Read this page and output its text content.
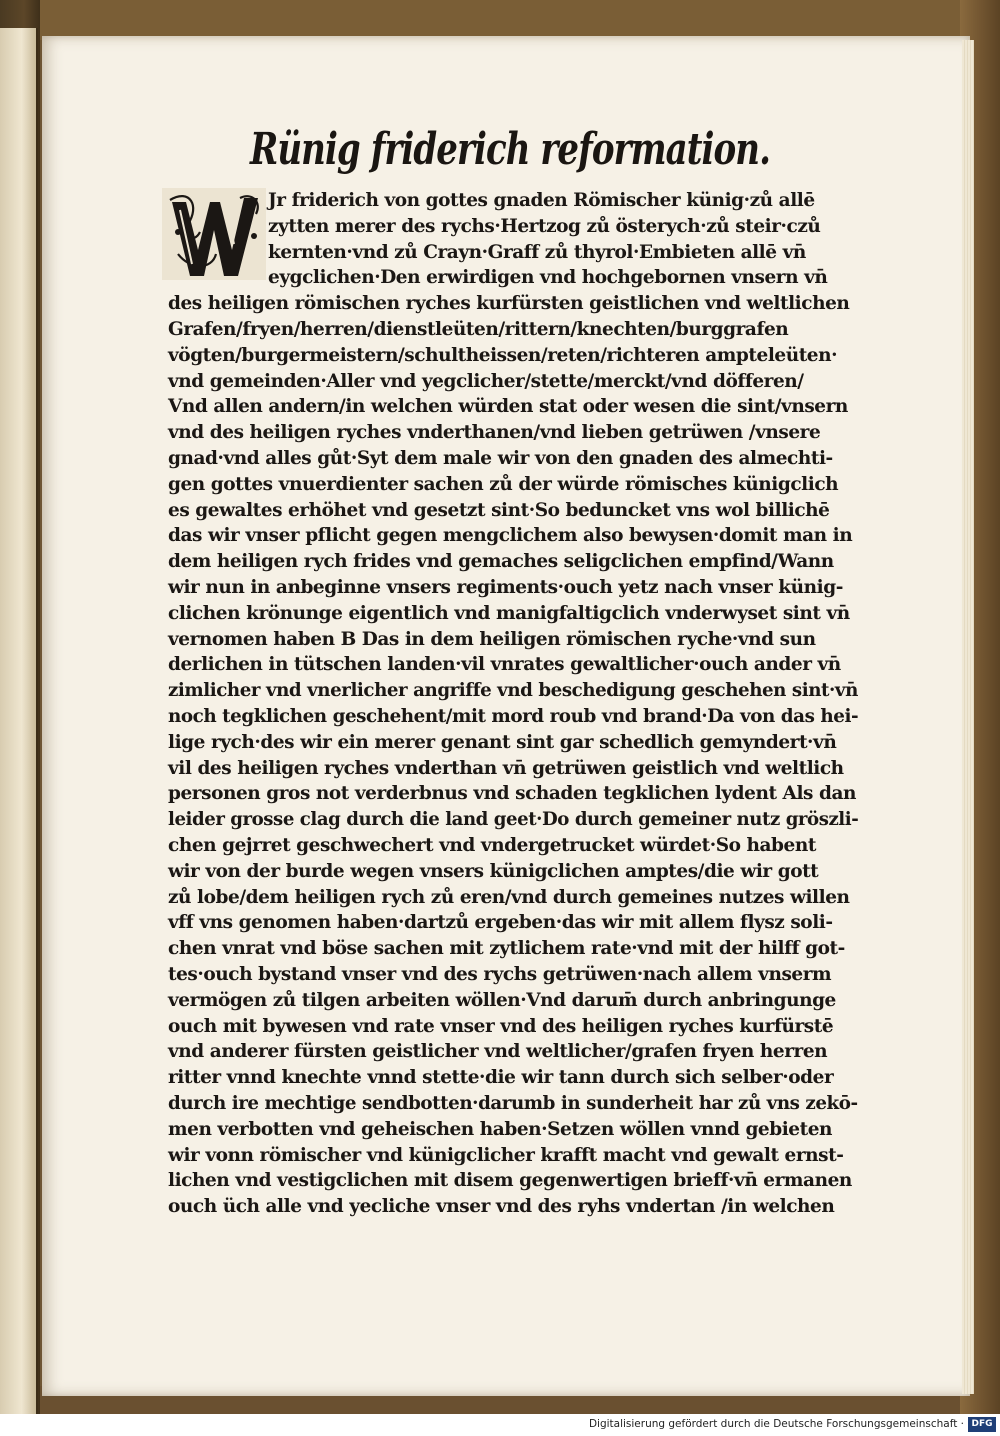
Rünig friderich reformation.
Jr friderich von gottes gnaden Römischer künig·zů allē
zytten merer des rychs·Hertzog zů österych·zů steir·czů
kernten·vnd zů Crayn·Graff zů thyrol·Embieten allē vn̄
eygclichen·Den erwirdigen vnd hochgebornen vnsern vn̄
des heiligen römischen ryches kurfürsten geistlichen vnd weltlichen
Grafen/fryen/herren/dienstleüten/rittern/knechten/burggrafen
vögten/burgermeistern/schultheissen/reten/richteren ampteleüten·
vnd gemeinden·Aller vnd yegclicher/stette/merckt/vnd döfferen/
Vnd allen andern/in welchen würden stat oder wesen die sint/vnsern
vnd des heiligen ryches vnderthanen/vnd lieben getrüwen /vnsere
gnad·vnd alles gůt·Syt dem male wir von den gnaden des almechti-
gen gottes vnuerdienter sachen zů der würde römisches künigclich
es gewaltes erhöhet vnd gesetzt sint·So beduncket vns wol billichē
das wir vnser pflicht gegen mengclichem also bewysen·domit man in
dem heiligen rych frides vnd gemaches seligclichen empfind/Wann
wir nun in anbeginne vnsers regiments·ouch yetz nach vnser künig-
clichen krönunge eigentlich vnd manigfaltigclich vnderwyset sint vn̄
vernomen haben B Das in dem heiligen römischen ryche·vnd sun
derlichen in tütschen landen·vil vnrates gewaltlicher·ouch ander vn̄
zimlicher vnd vnerlicher angriffe vnd beschedigung geschehen sint·vn̄
noch tegklichen geschehent/mit mord roub vnd brand·Da von das hei-
lige rych·des wir ein merer genant sint gar schedlich gemyndert·vn̄
vil des heiligen ryches vnderthan vn̄ getrüwen geistlich vnd weltlich
personen gros not verderbnus vnd schaden tegklichen lydent Als dan
leider grosse clag durch die land geet·Do durch gemeiner nutz gröszli-
chen gejrret geschwechert vnd vndergetrucket würdet·So habent
wir von der burde wegen vnsers künigclichen amptes/die wir gott
zů lobe/dem heiligen rych zů eren/vnd durch gemeines nutzes willen
vff vns genomen haben·dartzů ergeben·das wir mit allem flysz soli-
chen vnrat vnd böse sachen mit zytlichem rate·vnd mit der hilff got-
tes·ouch bystand vnser vnd des rychs getrüwen·nach allem vnserm
vermögen zů tilgen arbeiten wöllen·Vnd darum̄ durch anbringunge
ouch mit bywesen vnd rate vnser vnd des heiligen ryches kurfürstē
vnd anderer fürsten geistlicher vnd weltlicher/grafen fryen herren
ritter vnnd knechte vnnd stette·die wir tann durch sich selber·oder
durch ire mechtige sendbotten·darumb in sunderheit har zů vns zekō-
men verbotten vnd geheischen haben·Setzen wöllen vnnd gebieten
wir vonn römischer vnd künigclicher krafft macht vnd gewalt ernst-
lichen vnd vestigclichen mit disem gegenwertigen brieff·vn̄ ermanen
ouch üch alle vnd yecliche vnser vnd des ryhs vndertan /in welchen
Digitalisierung gefördert durch die Deutsche Forschungsgemeinschaft · DFG
